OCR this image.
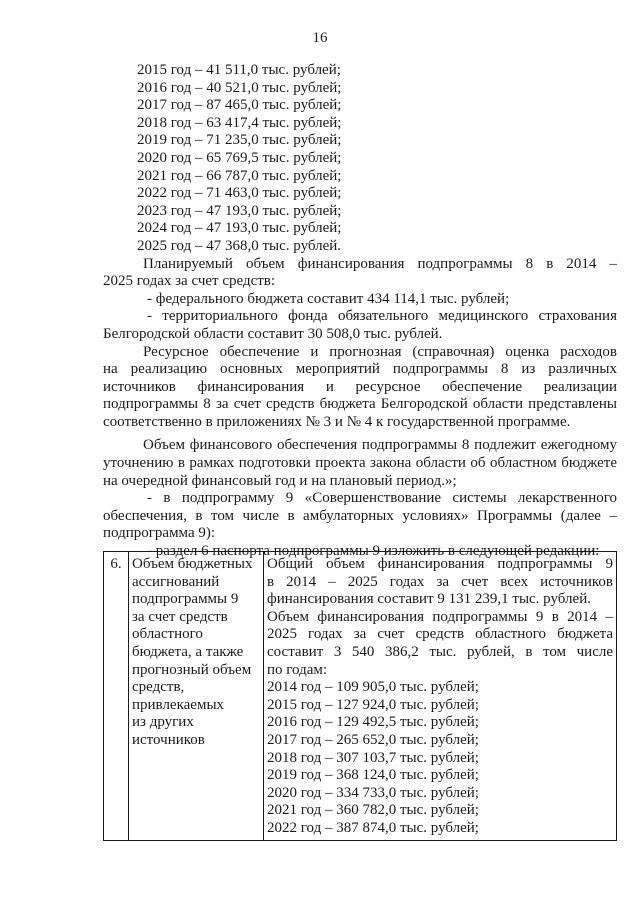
16
2015 год – 41 511,0 тыс. рублей;
2016 год – 40 521,0 тыс. рублей;
2017 год – 87 465,0 тыс. рублей;
2018 год – 63 417,4 тыс. рублей;
2019 год – 71 235,0 тыс. рублей;
2020 год – 65 769,5 тыс. рублей;
2021 год – 66 787,0 тыс. рублей;
2022 год – 71 463,0 тыс. рублей;
2023 год – 47 193,0 тыс. рублей;
2024 год – 47 193,0 тыс. рублей;
2025 год – 47 368,0 тыс. рублей.
Планируемый объем финансирования подпрограммы 8 в 2014 –
2025 годах за счет средств:
- федерального бюджета составит 434 114,1 тыс. рублей;
- территориального фонда обязательного медицинского страхования
Белгородской области составит 30 508,0 тыс. рублей.
Ресурсное обеспечение и прогнозная (справочная) оценка расходов
на реализацию основных мероприятий подпрограммы 8 из различных
источников финансирования и ресурсное обеспечение реализации
подпрограммы 8 за счет средств бюджета Белгородской области представлены
соответственно в приложениях № 3 и № 4 к государственной программе.
Объем финансового обеспечения подпрограммы 8 подлежит ежегодному
уточнению в рамках подготовки проекта закона области об областном бюджете
на очередной финансовый год и на плановый период.»;
- в подпрограмму 9 «Совершенствование системы лекарственного
обеспечения, в том числе в амбулаторных условиях» Программы (далее –
подпрограмма 9):
- раздел 6 паспорта подпрограммы 9 изложить в следующей редакции:
6.	Объем бюджетных
ассигнований
подпрограммы 9
за счет средств
областного
бюджета, а также
прогнозный объем
средств,
привлекаемых
из других
источников

Общий объем финансирования подпрограммы 9
в 2014 – 2025 годах за счет всех источников
финансирования составит 9 131 239,1 тыс. рублей.
Объем финансирования подпрограммы 9 в 2014 –
2025 годах за счет средств областного бюджета
составит 3 540 386,2 тыс. рублей, в том числе
по годам:
2014 год – 109 905,0 тыс. рублей;
2015 год – 127 924,0 тыс. рублей;
2016 год – 129 492,5 тыс. рублей;
2017 год – 265 652,0 тыс. рублей;
2018 год – 307 103,7 тыс. рублей;
2019 год – 368 124,0 тыс. рублей;
2020 год – 334 733,0 тыс. рублей;
2021 год – 360 782,0 тыс. рублей;
2022 год – 387 874,0 тыс. рублей;
